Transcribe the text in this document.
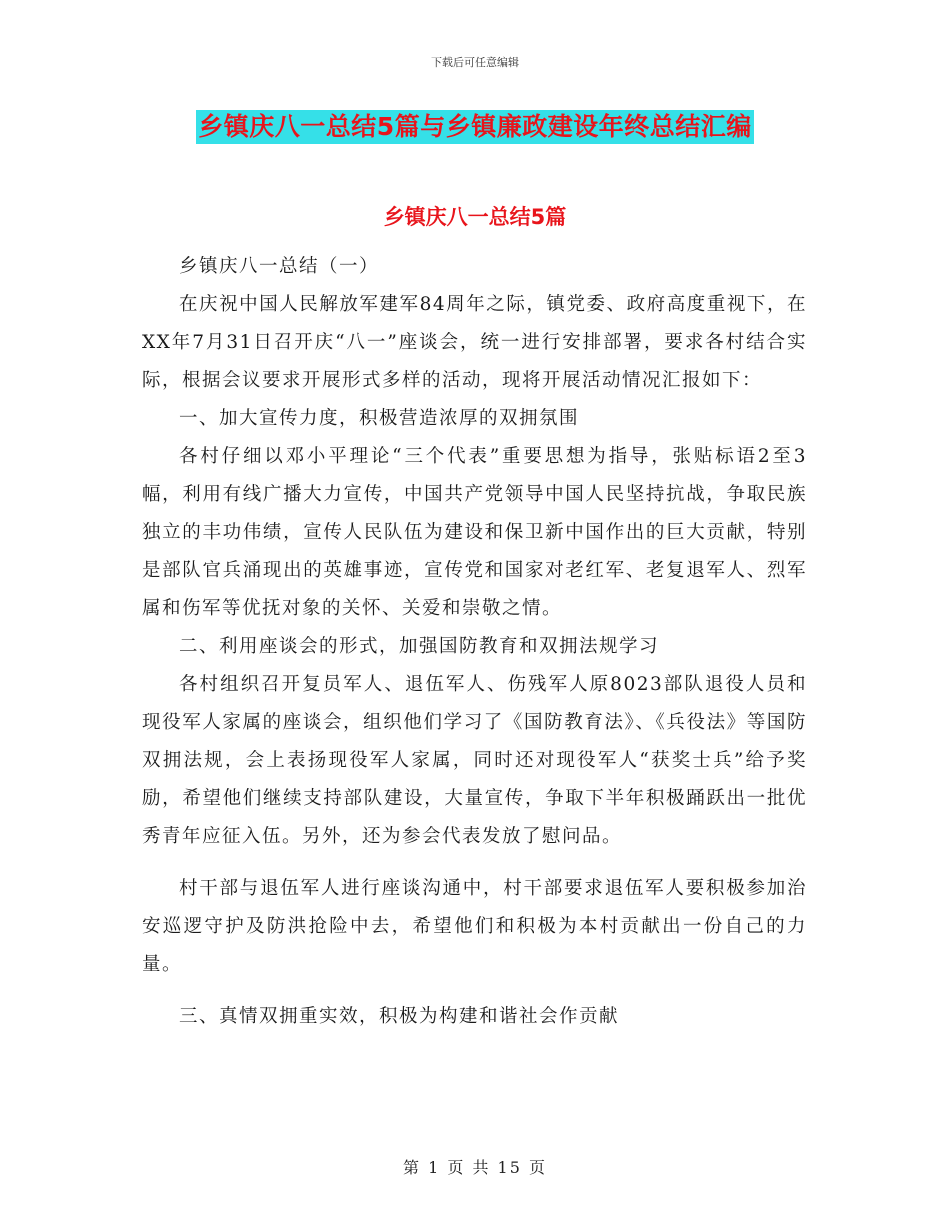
下载后可任意编辑
乡镇庆八一总结5篇与乡镇廉政建设年终总结汇编
乡镇庆八一总结5篇

乡镇庆八一总结（一）

在庆祝中国人民解放军建军84周年之际，镇党委、政府高度重视下，在XX年7月31日召开庆“八一”座谈会，统一进行安排部署，要求各村结合实际，根据会议要求开展形式多样的活动，现将开展活动情况汇报如下：

一、加大宣传力度，积极营造浓厚的双拥氛围

各村仔细以邓小平理论“三个代表”重要思想为指导，张贴标语2至3幅，利用有线广播大力宣传，中国共产党领导中国人民坚持抗战，争取民族独立的丰功伟绩，宣传人民队伍为建设和保卫新中国作出的巨大贡献，特别是部队官兵涌现出的英雄事迹，宣传党和国家对老红军、老复退军人、烈军属和伤军等优抚对象的关怀、关爱和崇敬之情。

二、利用座谈会的形式，加强国防教育和双拥法规学习

各村组织召开复员军人、退伍军人、伤残军人原8023部队退役人员和现役军人家属的座谈会，组织他们学习了《国防教育法》、《兵役法》等国防双拥法规，会上表扬现役军人家属，同时还对现役军人“获奖士兵”给予奖励，希望他们继续支持部队建设，大量宣传，争取下半年积极踊跃出一批优秀青年应征入伍。另外，还为参会代表发放了慰问品。

村干部与退伍军人进行座谈沟通中，村干部要求退伍军人要积极参加治安巡逻守护及防洪抢险中去，希望他们和积极为本村贡献出一份自己的力量。

三、真情双拥重实效，积极为构建和谐社会作贡献

第 1 页 共 15 页
